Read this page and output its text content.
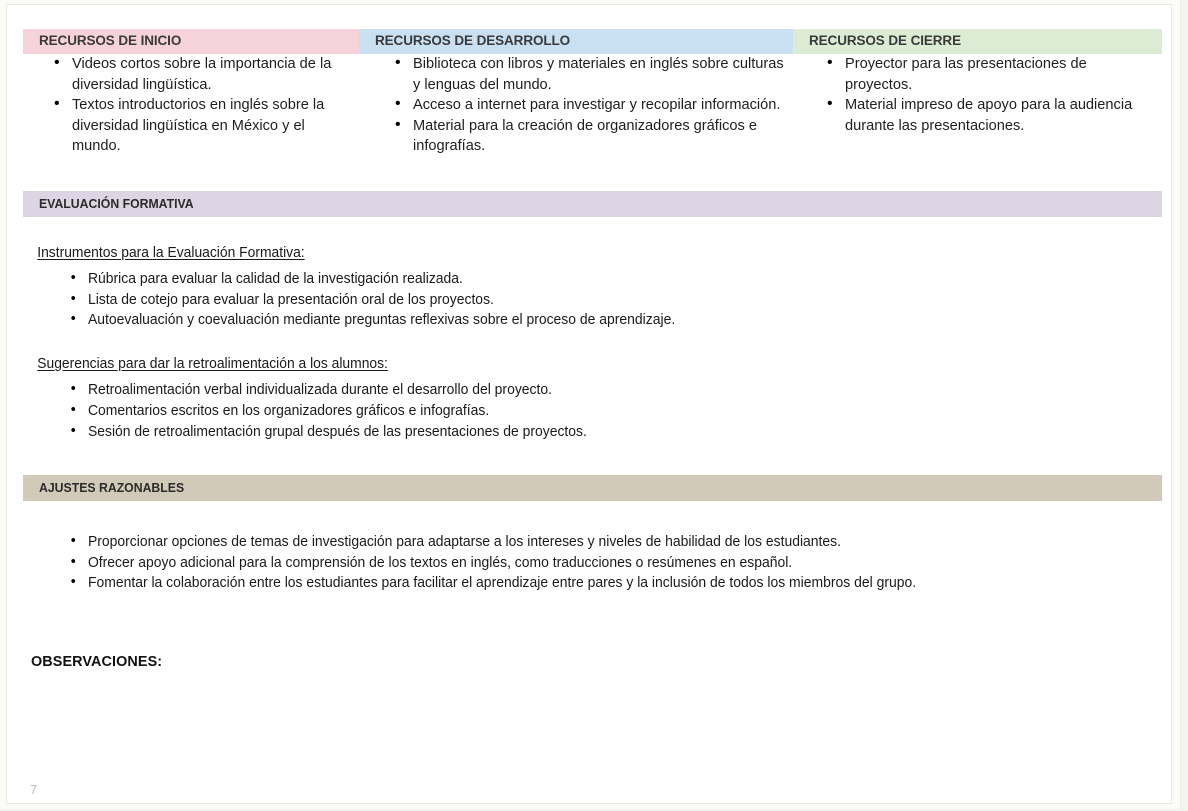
RECURSOS DE INICIO	RECURSOS DE DESARROLLO	RECURSOS DE CIERRE
• Videos cortos sobre la importancia de la diversidad lingüística.
• Textos introductorios en inglés sobre la diversidad lingüística en México y el mundo.
• Biblioteca con libros y materiales en inglés sobre culturas y lenguas del mundo.
• Acceso a internet para investigar y recopilar información.
• Material para la creación de organizadores gráficos e infografías.
• Proyector para las presentaciones de proyectos.
• Material impreso de apoyo para la audiencia durante las presentaciones.
EVALUACIÓN FORMATIVA

Instrumentos para la Evaluación Formativa:

• Rúbrica para evaluar la calidad de la investigación realizada.
• Lista de cotejo para evaluar la presentación oral de los proyectos.
• Autoevaluación y coevaluación mediante preguntas reflexivas sobre el proceso de aprendizaje.

Sugerencias para dar la retroalimentación a los alumnos:

• Retroalimentación verbal individualizada durante el desarrollo del proyecto.
• Comentarios escritos en los organizadores gráficos e infografías.
• Sesión de retroalimentación grupal después de las presentaciones de proyectos.
AJUSTES RAZONABLES
• Proporcionar opciones de temas de investigación para adaptarse a los intereses y niveles de habilidad de los estudiantes.
• Ofrecer apoyo adicional para la comprensión de los textos en inglés, como traducciones o resúmenes en español.
• Fomentar la colaboración entre los estudiantes para facilitar el aprendizaje entre pares y la inclusión de todos los miembros del grupo.
OBSERVACIONES:
7
